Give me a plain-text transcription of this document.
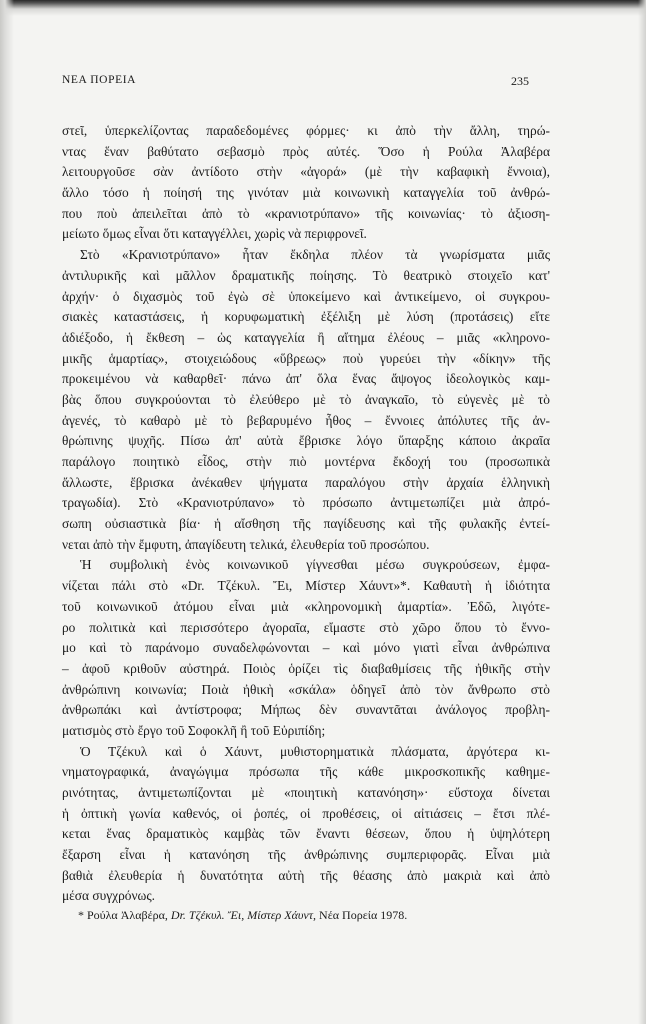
ΝΕΑ ΠΟΡΕΙΑ	235
στεῖ, ὑπερκελίζοντας παραδεδομένες φόρμες· κι ἀπὸ τὴν ἄλλη, τηρώ-
ντας ἕναν βαθύτατο σεβασμὸ πρὸς αὐτές. Ὅσο ἡ Ρούλα Ἀλαβέρα
λειτουργοῦσε σὰν ἀντίδοτο στὴν «ἀγορά» (μὲ τὴν καβαφικὴ ἔννοια),
ἄλλο τόσο ἡ ποίησή της γινόταν μιὰ κοινωνικὴ καταγγελία τοῦ ἀνθρώ-
που ποὺ ἀπειλεῖται ἀπὸ τὸ «κρανιοτρύπανο» τῆς κοινωνίας· τὸ ἀξιοση-
μείωτο ὅμως εἶναι ὅτι καταγγέλλει, χωρὶς νὰ περιφρονεῖ.
Στὸ «Κρανιοτρύπανο» ἦταν ἔκδηλα πλέον τὰ γνωρίσματα μιᾶς
ἀντιλυρικῆς καὶ μᾶλλον δραματικῆς ποίησης. Τὸ θεατρικὸ στοιχεῖο κατ'
ἀρχήν· ὁ διχασμὸς τοῦ ἐγὼ σὲ ὑποκείμενο καὶ ἀντικείμενο, οἱ συγκρου-
σιακὲς καταστάσεις, ἡ κορυφωματικὴ ἐξέλιξη μὲ λύση (προτάσεις) εἴτε
ἀδιέξοδο, ἡ ἔκθεση – ὡς καταγγελία ἢ αἴτημα ἐλέους – μιᾶς «κληρονο-
μικῆς ἁμαρτίας», στοιχειώδους «ὕβρεως» ποὺ γυρεύει τὴν «δίκην» τῆς
προκειμένου νὰ καθαρθεῖ· πάνω ἀπ' ὅλα ἕνας ἄψογος ἰδεολογικὸς καμ-
βὰς ὅπου συγκρούονται τὸ ἐλεύθερο μὲ τὸ ἀναγκαῖο, τὸ εὐγενὲς μὲ τὸ
ἀγενές, τὸ καθαρὸ μὲ τὸ βεβαρυμένο ἦθος – ἔννοιες ἀπόλυτες τῆς ἀν-
θρώπινης ψυχῆς. Πίσω ἀπ' αὐτὰ ἔβρισκε λόγο ὕπαρξης κάποιο ἀκραῖα
παράλογο ποιητικὸ εἶδος, στὴν πιὸ μοντέρνα ἔκδοχή του (προσωπικὰ
ἄλλωστε, ἔβρισκα ἀνέκαθεν ψήγματα παραλόγου στὴν ἀρχαία ἑλληνικὴ
τραγωδία). Στὸ «Κρανιοτρύπανο» τὸ πρόσωπο ἀντιμετωπίζει μιὰ ἀπρό-
σωπη οὐσιαστικὰ βία· ἡ αἴσθηση τῆς παγίδευσης καὶ τῆς φυλακῆς ἐντεί-
νεται ἀπὸ τὴν ἔμφυτη, ἀπαγίδευτη τελικά, ἐλευθερία τοῦ προσώπου.
Ἡ συμβολικὴ ἑνὸς κοινωνικοῦ γίγνεσθαι μέσω συγκρούσεων, ἐμφα-
νίζεται πάλι στὸ «Dr. Τζέκυλ. Ἔι, Μίστερ Χάυντ»*. Καθαυτὴ ἡ ἰδιότητα
τοῦ κοινωνικοῦ ἀτόμου εἶναι μιὰ «κληρονομικὴ ἁμαρτία». Ἐδῶ, λιγότε-
ρο πολιτικὰ καὶ περισσότερο ἀγοραῖα, εἴμαστε στὸ χῶρο ὅπου τὸ ἔννο-
μο καὶ τὸ παράνομο συναδελφώνονται – καὶ μόνο γιατὶ εἶναι ἀνθρώπινα
– ἀφοῦ κριθοῦν αὐστηρά. Ποιὸς ὁρίζει τὶς διαβαθμίσεις τῆς ἠθικῆς στὴν
ἀνθρώπινη κοινωνία; Ποιὰ ἠθικὴ «σκάλα» ὁδηγεῖ ἀπὸ τὸν ἄνθρωπο στὸ
ἀνθρωπάκι καὶ ἀντίστροφα; Μήπως δὲν συναντᾶται ἀνάλογος προβλη-
ματισμὸς στὸ ἔργο τοῦ Σοφοκλῆ ἢ τοῦ Εὐριπίδη;
Ὁ Τζέκυλ καὶ ὁ Χάυντ, μυθιστορηματικὰ πλάσματα, ἀργότερα κι-
νηματογραφικά, ἀναγώγιμα πρόσωπα τῆς κάθε μικροσκοπικῆς καθημε-
ρινότητας, ἀντιμετωπίζονται μὲ «ποιητικὴ κατανόηση»· εὔστοχα δίνεται
ἡ ὀπτικὴ γωνία καθενός, οἱ ῥοπές, οἱ προθέσεις, οἱ αἰτιάσεις – ἔτσι πλέ-
κεται ἕνας δραματικὸς καμβὰς τῶν ἔναντι θέσεων, ὅπου ἡ ὑψηλότερη
ἔξαρση εἶναι ἡ κατανόηση τῆς ἀνθρώπινης συμπεριφορᾶς. Εἶναι μιὰ
βαθιὰ ἐλευθερία ἡ δυνατότητα αὐτὴ τῆς θέασης ἀπὸ μακριὰ καὶ ἀπὸ
μέσα συγχρόνως.
* Ρούλα Ἀλαβέρα, Dr. Τζέκυλ. Ἔι, Μίστερ Χάυντ, Νέα Πορεία 1978.
